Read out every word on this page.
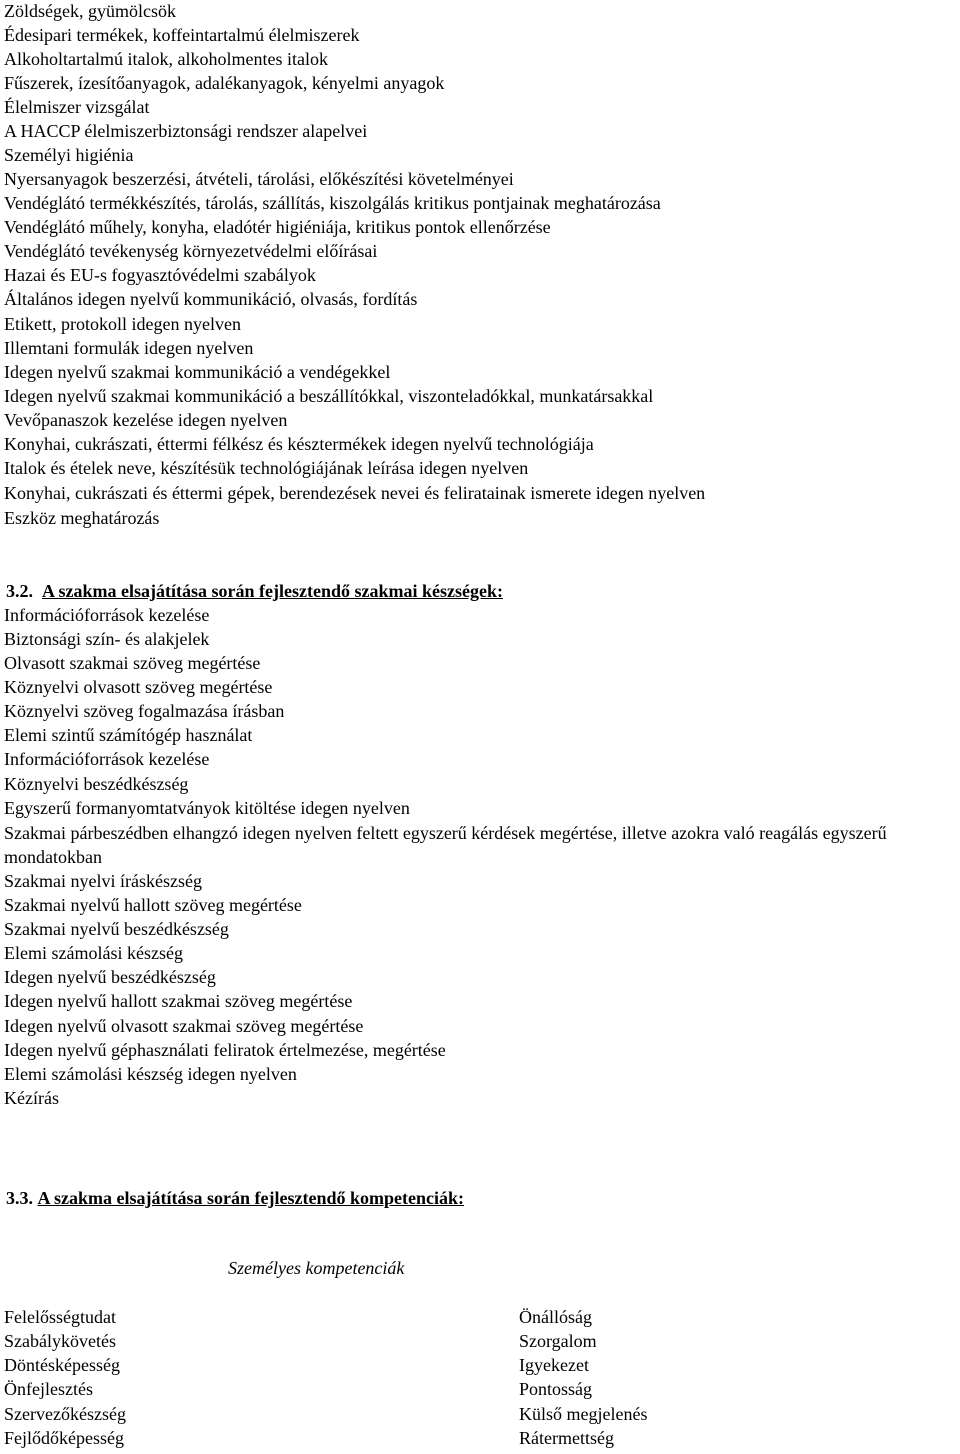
Zöldségek, gyümölcsök
Édesipari termékek, koffeintartalmú élelmiszerek
Alkoholtartalmú italok, alkoholmentes italok
Fűszerek, ízesítőanyagok, adalékanyagok, kényelmi anyagok
Élelmiszer vizsgálat
A HACCP élelmiszerbiztonsági rendszer alapelvei
Személyi higiénia
Nyersanyagok beszerzési, átvételi, tárolási, előkészítési követelményei
Vendéglátó termékkészítés, tárolás, szállítás, kiszolgálás kritikus pontjainak meghatározása
Vendéglátó műhely, konyha, eladótér higiéniája, kritikus pontok ellenőrzése
Vendéglátó tevékenység környezetvédelmi előírásai
Hazai és EU-s fogyasztóvédelmi szabályok
Általános idegen nyelvű kommunikáció, olvasás, fordítás
Etikett, protokoll idegen nyelven
Illemtani formulák idegen nyelven
Idegen nyelvű szakmai kommunikáció a vendégekkel
Idegen nyelvű szakmai kommunikáció a beszállítókkal, viszonteladókkal, munkatársakkal
Vevőpanaszok kezelése idegen nyelven
Konyhai, cukrászati, éttermi félkész és késztermékek idegen nyelvű technológiája
Italok és ételek neve, készítésük technológiájának leírása idegen nyelven
Konyhai, cukrászati és éttermi gépek, berendezések nevei és feliratainak ismerete idegen nyelven
Eszköz meghatározás
3.2. A szakma elsajátítása során fejlesztendő szakmai készségek:
Információforrások kezelése
Biztonsági szín- és alakjelek
Olvasott szakmai szöveg megértése
Köznyelvi olvasott szöveg megértése
Köznyelvi szöveg fogalmazása írásban
Elemi szintű számítógép használat
Információforrások kezelése
Köznyelvi beszédkészség
Egyszerű formanyomtatványok kitöltése idegen nyelven
Szakmai párbeszédben elhangzó idegen nyelven feltett egyszerű kérdések megértése, illetve azokra való reagálás egyszerű mondatokban
Szakmai nyelvi íráskészség
Szakmai nyelvű hallott szöveg megértése
Szakmai nyelvű beszédkészség
Elemi számolási készség
Idegen nyelvű beszédkészség
Idegen nyelvű hallott szakmai szöveg megértése
Idegen nyelvű olvasott szakmai szöveg megértése
Idegen nyelvű géphasználati feliratok értelmezése, megértése
Elemi számolási készség idegen nyelven
Kézírás
3.3. A szakma elsajátítása során fejlesztendő kompetenciák:
Személyes kompetenciák
Felelősségtudat
Szabálykövetés
Döntésképesség
Önfejlesztés
Szervezőkészség
Fejlődőképesség
Önállóság
Szorgalom
Igyekezet
Pontosság
Külső megjelenés
Rátermettség
